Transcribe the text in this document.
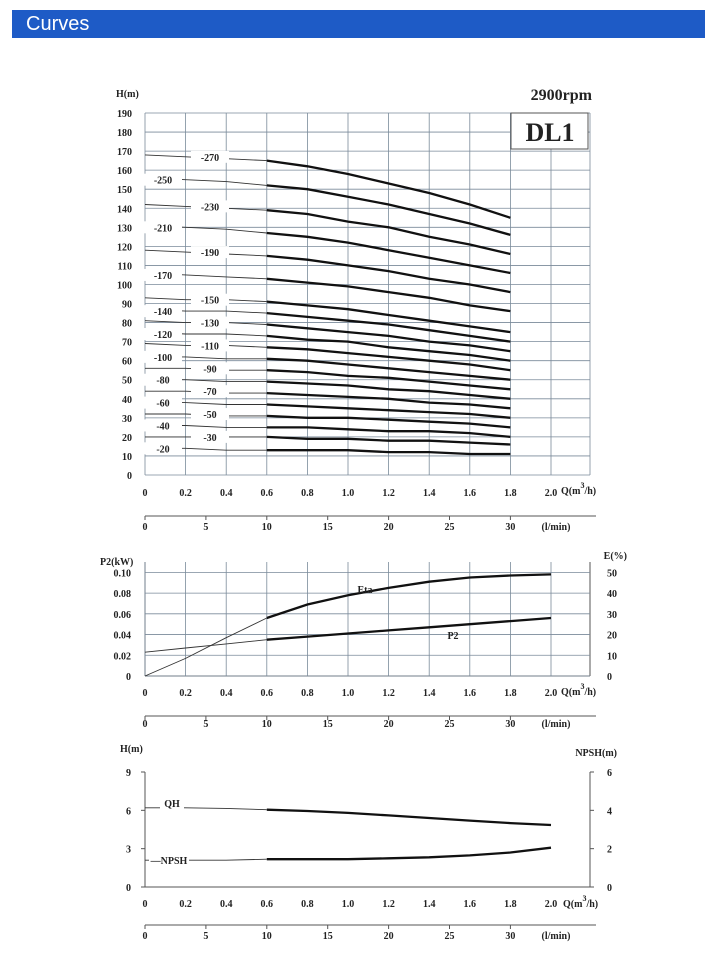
Curves
0
10
20
30
40
50
60
70
80
90
100
110
120
130
140
150
160
170
180
190
H(m)	2900rpm
DL1
-270
-250
-230
-210
-190
-170
-150
-140
-130
-120
-110
-100
-90
-80
-70
-60
-50
-40
-30
-20
$Q(m^3/h)$
0	0.2	0.4	0.6	0.8	1.0	1.2	1.4	1.6	1.8	2.0
0	5	10	15	20	25	30	(l/min)
0
0.02
0.04
0.06
0.08
0.10
0
10
20
30
40
50
P2(kW)
E(%)
Eta
P2
$Q(m^3/h)$
0	0.2	0.4	0.6	0.8	1.0	1.2	1.4	1.6	1.8	2.0
0	5	10	15	20	25	30	(l/min)
0
3
6
9
0
2
4
6
H(m)	NPSH(m)
QH
—NPSH
$Q(m^3/h)$
0	0.2	0.4	0.6	0.8	1.0	1.2	1.4	1.6	1.8	2.0
0	5	10	15	20	25	30	(l/min)
